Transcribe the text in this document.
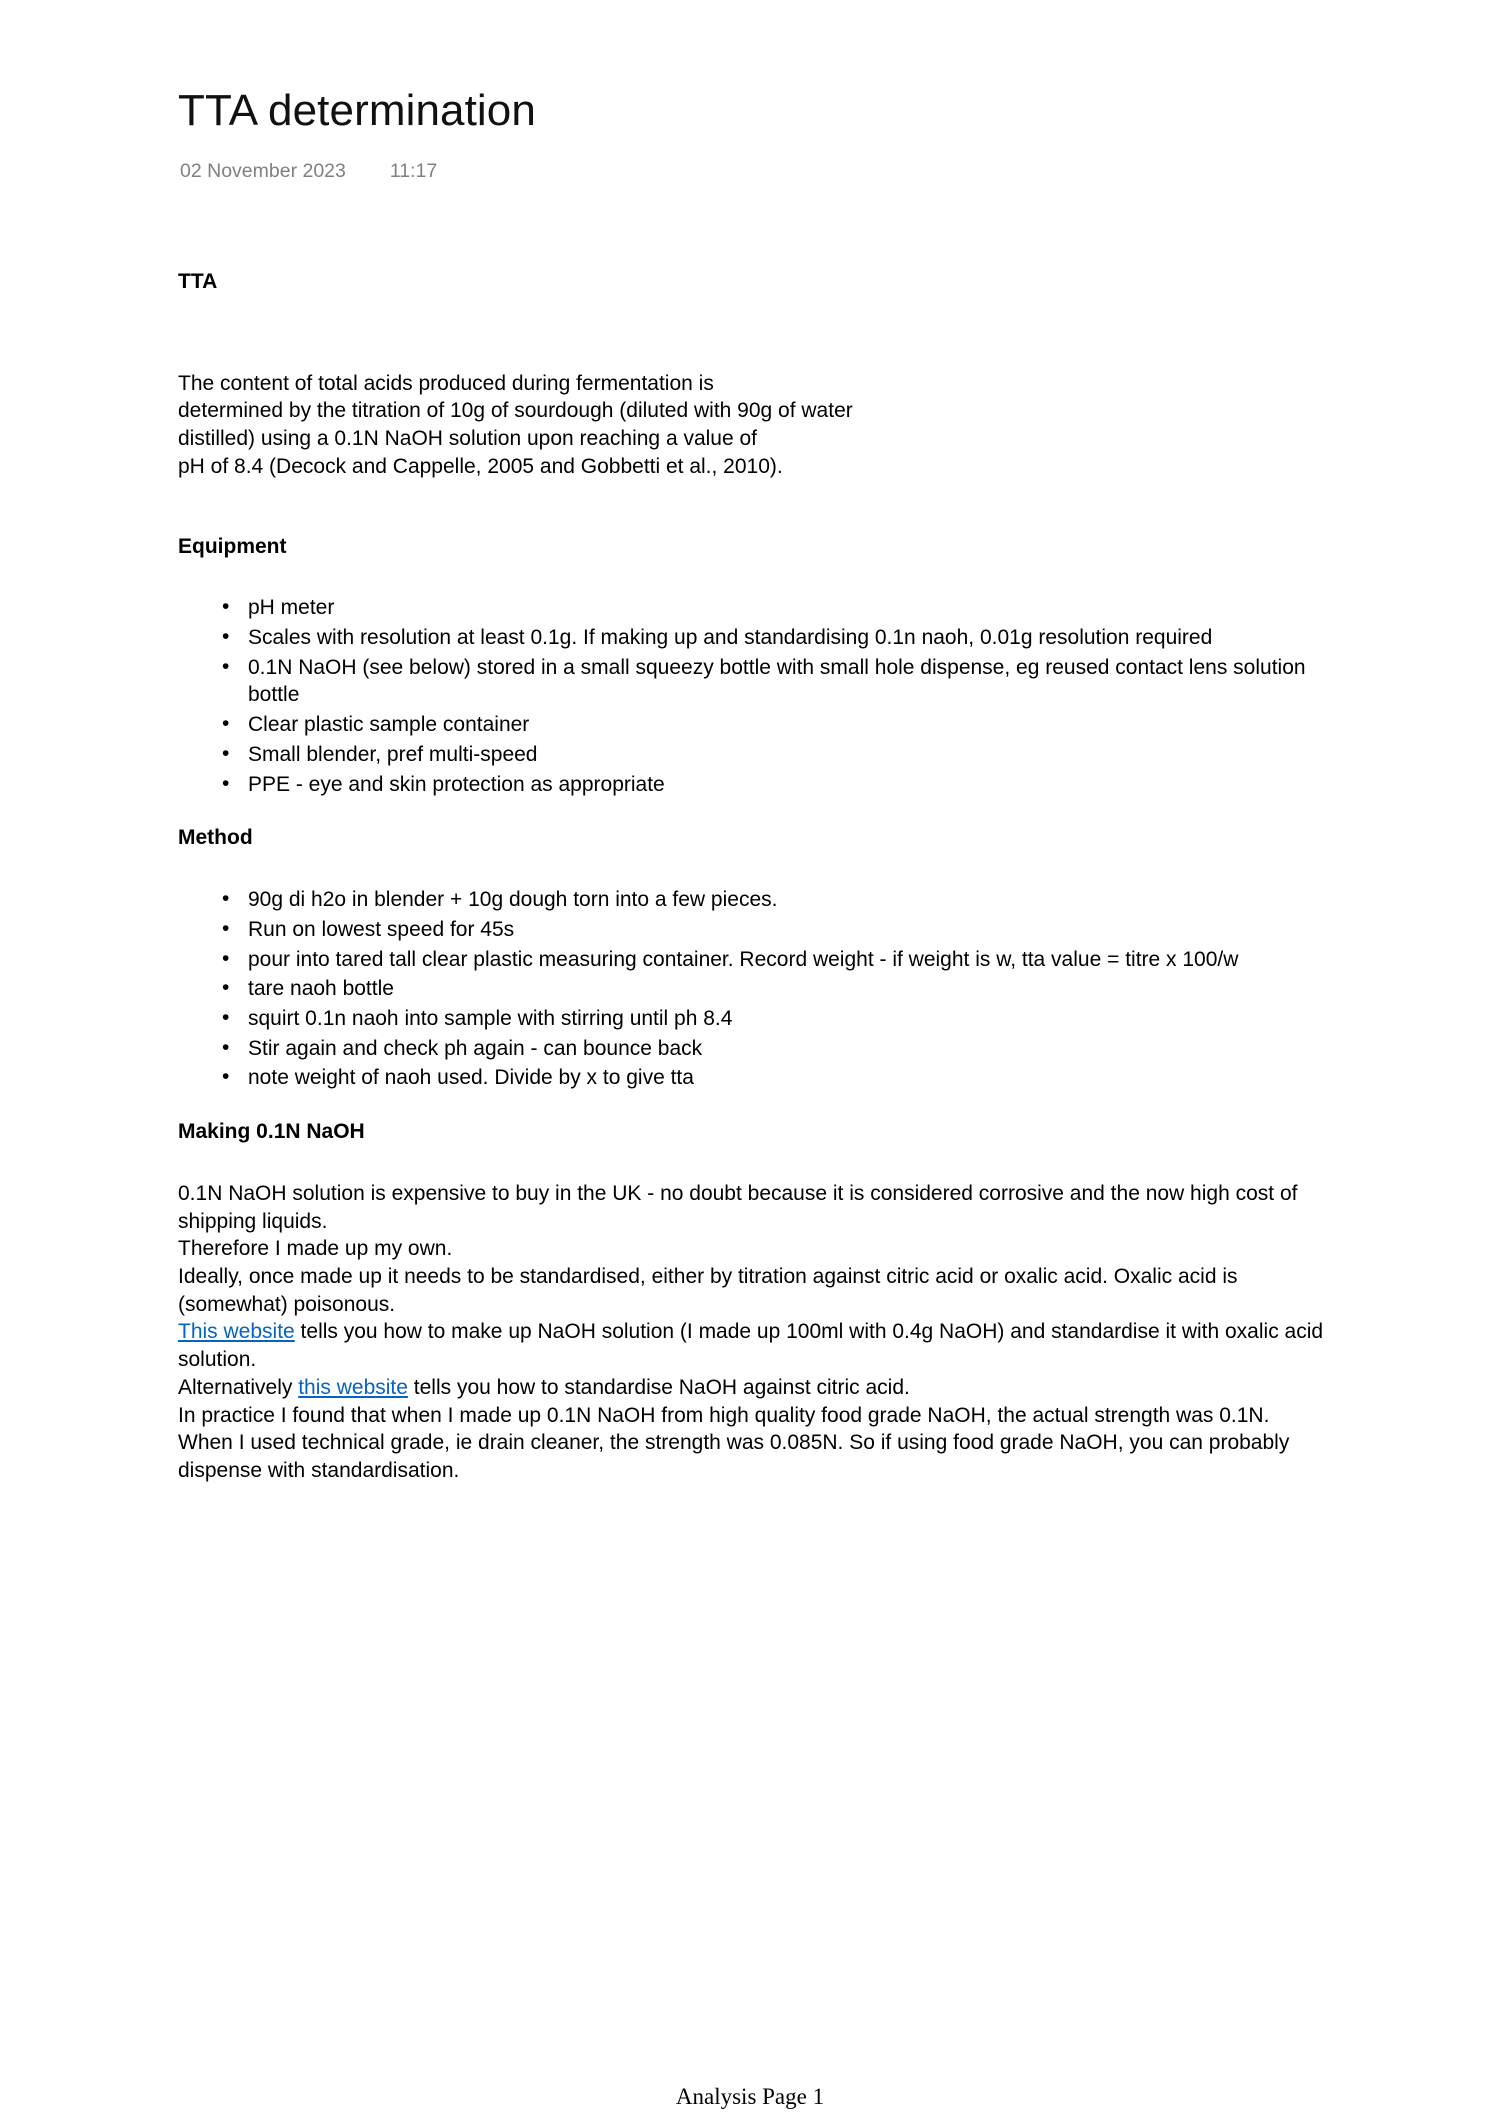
TTA determination
02 November 2023 11:17
TTA
The content of total acids produced during fermentation is
determined by the titration of 10g of sourdough (diluted with 90g of water
distilled) using a 0.1N NaOH solution upon reaching a value of
pH of 8.4 (Decock and Cappelle, 2005 and Gobbetti et al., 2010).
Equipment
• pH meter
• Scales with resolution at least 0.1g. If making up and standardising 0.1n naoh, 0.01g resolution required
• 0.1N NaOH (see below) stored in a small squeezy bottle with small hole dispense, eg reused contact lens solution bottle
• Clear plastic sample container
• Small blender, pref multi-speed
• PPE - eye and skin protection as appropriate
Method
• 90g di h2o in blender + 10g dough torn into a few pieces.
• Run on lowest speed for 45s
• pour into tared tall clear plastic measuring container. Record weight - if weight is w, tta value = titre x 100/w
• tare naoh bottle
• squirt 0.1n naoh into sample with stirring until ph 8.4
• Stir again and check ph again - can bounce back
• note weight of naoh used. Divide by x to give tta
Making 0.1N NaOH
0.1N NaOH solution is expensive to buy in the UK - no doubt because it is considered corrosive and the now high cost of shipping liquids.
Therefore I made up my own.
Ideally, once made up it needs to be standardised, either by titration against citric acid or oxalic acid. Oxalic acid is (somewhat) poisonous.
This website tells you how to make up NaOH solution (I made up 100ml with 0.4g NaOH) and standardise it with oxalic acid solution.
Alternatively this website tells you how to standardise NaOH against citric acid.
In practice I found that when I made up 0.1N NaOH from high quality food grade NaOH, the actual strength was 0.1N. When I used technical grade, ie drain cleaner, the strength was 0.085N. So if using food grade NaOH, you can probably dispense with standardisation.
Analysis Page 1
